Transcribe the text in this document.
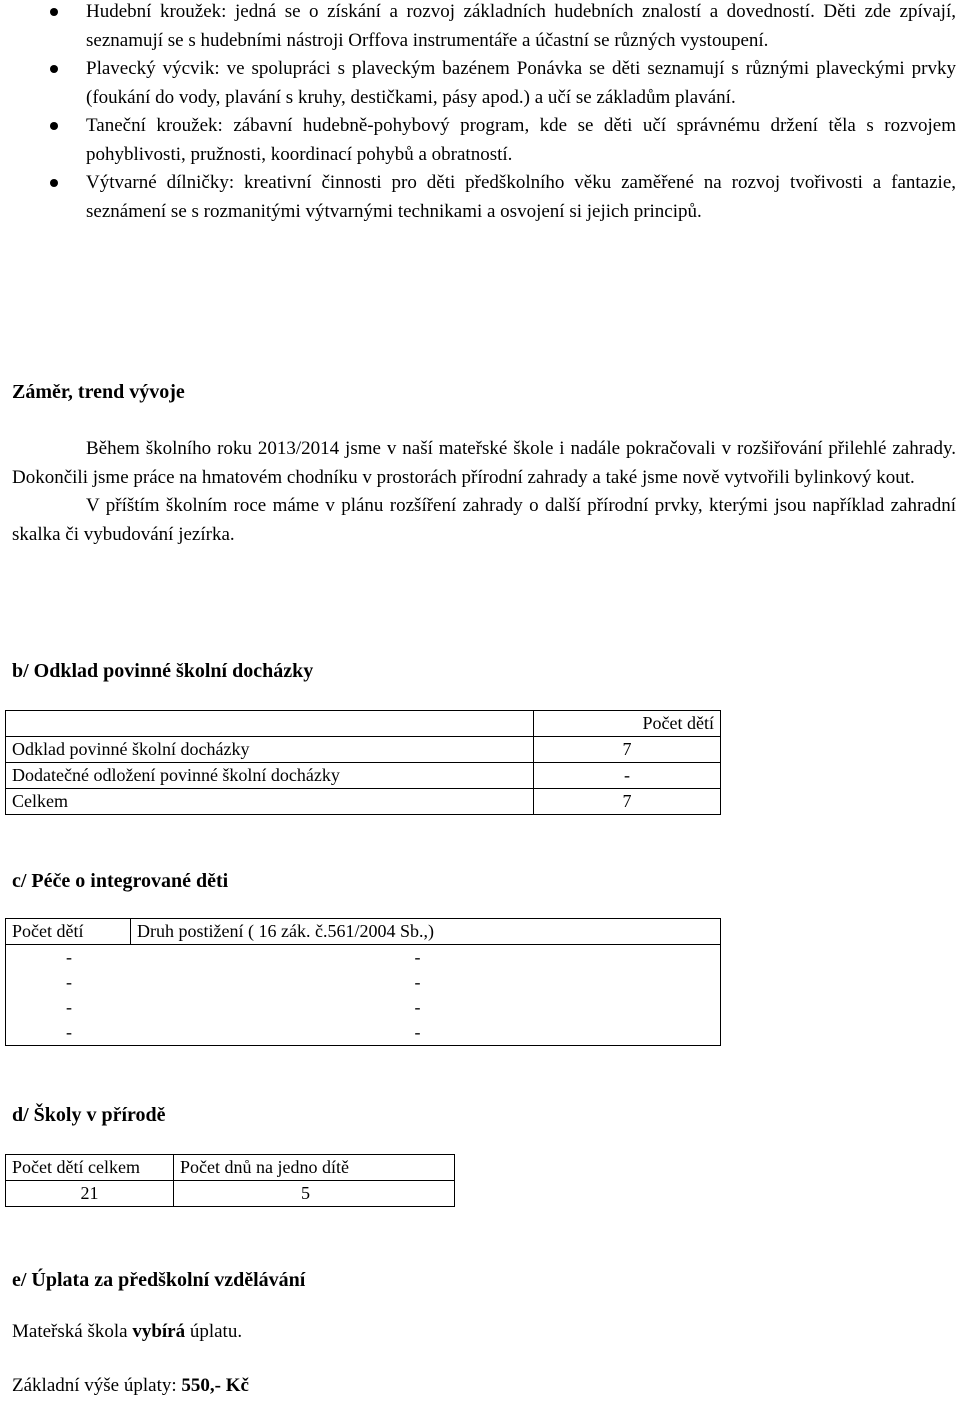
Hudební kroužek: jedná se o získání a rozvoj základních hudebních znalostí a dovedností. Děti zde zpívají, seznamují se s hudebními nástroji Orffova instrumentáře a účastní se různých vystoupení.
Plavecký výcvik: ve spolupráci s plaveckým bazénem Ponávka se děti seznamují s různými plaveckými prvky (foukání do vody, plavání s kruhy, destičkami, pásy apod.) a učí se základům plavání.
Taneční kroužek: zábavní hudebně-pohybový program, kde se děti učí správnému držení těla s rozvojem pohyblivosti, pružnosti, koordinací pohybů a obratností.
Výtvarné dílničky: kreativní činnosti pro děti předškolního věku zaměřené na rozvoj tvořivosti a fantazie, seznámení se s rozmanitými výtvarnými technikami a osvojení si jejich principů.
Záměr, trend vývoje

Během školního roku 2013/2014 jsme v naší mateřské škole i nadále pokračovali v rozšiřování přilehlé zahrady. Dokončili jsme práce na hmatovém chodníku v prostorách přírodní zahrady a také jsme nově vytvořili bylinkový kout.

V příštím školním roce máme v plánu rozšíření zahrady o další přírodní prvky, kterými jsou například zahradní skalka či vybudování jezírka.

b/ Odklad povinné školní docházky
	Počet dětí
Odklad povinné školní docházky	7
Dodatečné odložení povinné školní docházky	-
Celkem	7
c/ Péče o integrované děti
Počet dětí	Druh postižení ( 16 zák. č.561/2004 Sb.,)
-	-
-	-
-	-
-	-
d/ Školy v přírodě
Počet dětí celkem	Počet dnů na jedno dítě
21	5
e/ Úplata za předškolní vzdělávání

Mateřská škola vybírá úplatu.

Základní výše úplaty: 550,- Kč
